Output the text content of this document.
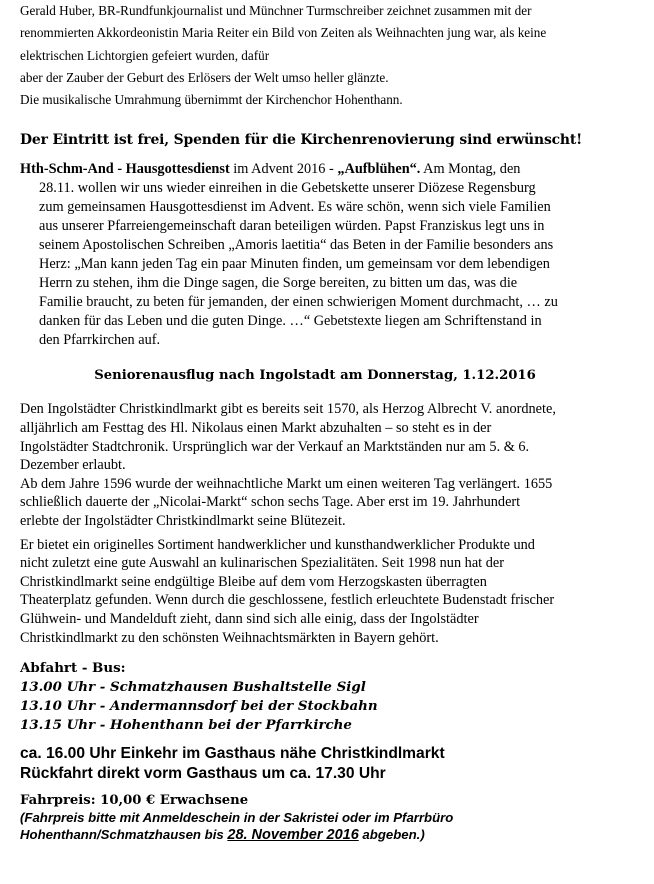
Gerald Huber, BR-Rundfunkjournalist und Münchner Turmschreiber zeichnet zusammen mit der

renommierten Akkordeonistin Maria Reiter ein Bild von Zeiten als Weihnachten jung war, als keine

elektrischen Lichtorgien gefeiert wurden, dafür

aber der Zauber der Geburt des Erlösers der Welt umso heller glänzte.

Die musikalische Umrahmung übernimmt der Kirchenchor Hohenthann.

Der Eintritt ist frei, Spenden für die Kirchenrenovierung sind erwünscht!

Hth-Schm-And - Hausgottesdienst im Advent 2016 - „Aufblühen“. Am Montag, den
28.11. wollen wir uns wieder einreihen in die Gebetskette unserer Diözese Regensburg
zum gemeinsamen Hausgottesdienst im Advent. Es wäre schön, wenn sich viele Familien
aus unserer Pfarreiengemeinschaft daran beteiligen würden. Papst Franziskus legt uns in
seinem Apostolischen Schreiben „Amoris laetitia“ das Beten in der Familie besonders ans
Herz: „Man kann jeden Tag ein paar Minuten finden, um gemeinsam vor dem lebendigen
Herrn zu stehen, ihm die Dinge sagen, die Sorge bereiten, zu bitten um das, was die
Familie braucht, zu beten für jemanden, der einen schwierigen Moment durchmacht, … zu
danken für das Leben und die guten Dinge. …“ Gebetstexte liegen am Schriftenstand in
den Pfarrkirchen auf.

Seniorenausflug nach Ingolstadt am Donnerstag, 1.12.2016

Den Ingolstädter Christkindlmarkt gibt es bereits seit 1570, als Herzog Albrecht V. anordnete,
alljährlich am Festtag des Hl. Nikolaus einen Markt abzuhalten – so steht es in der
Ingolstädter Stadtchronik. Ursprünglich war der Verkauf an Marktständen nur am 5. & 6.
Dezember erlaubt.
Ab dem Jahre 1596 wurde der weihnachtliche Markt um einen weiteren Tag verlängert. 1655
schließlich dauerte der „Nicolai-Markt“ schon sechs Tage. Aber erst im 19. Jahrhundert
erlebte der Ingolstädter Christkindlmarkt seine Blütezeit.
Er bietet ein originelles Sortiment handwerklicher und kunsthandwerklicher Produkte und
nicht zuletzt eine gute Auswahl an kulinarischen Spezialitäten. Seit 1998 nun hat der
Christkindlmarkt seine endgültige Bleibe auf dem vom Herzogskasten überragten
Theaterplatz gefunden. Wenn durch die geschlossene, festlich erleuchtete Budenstadt frischer
Glühwein- und Mandelduft zieht, dann sind sich alle einig, dass der Ingolstädter
Christkindlmarkt zu den schönsten Weihnachtsmärkten in Bayern gehört.
Abfahrt - Bus:
13.00 Uhr - Schmatzhausen Bushaltstelle Sigl
13.10 Uhr - Andermannsdorf bei der Stockbahn
13.15 Uhr - Hohenthann bei der Pfarrkirche
ca. 16.00 Uhr Einkehr im Gasthaus nähe Christkindlmarkt
Rückfahrt direkt vorm Gasthaus um ca. 17.30 Uhr
Fahrpreis: 10,00 € Erwachsene
(Fahrpreis bitte mit Anmeldeschein in der Sakristei oder im Pfarrbüro
Hohenthann/Schmatzhausen bis 28. November 2016 abgeben.)
